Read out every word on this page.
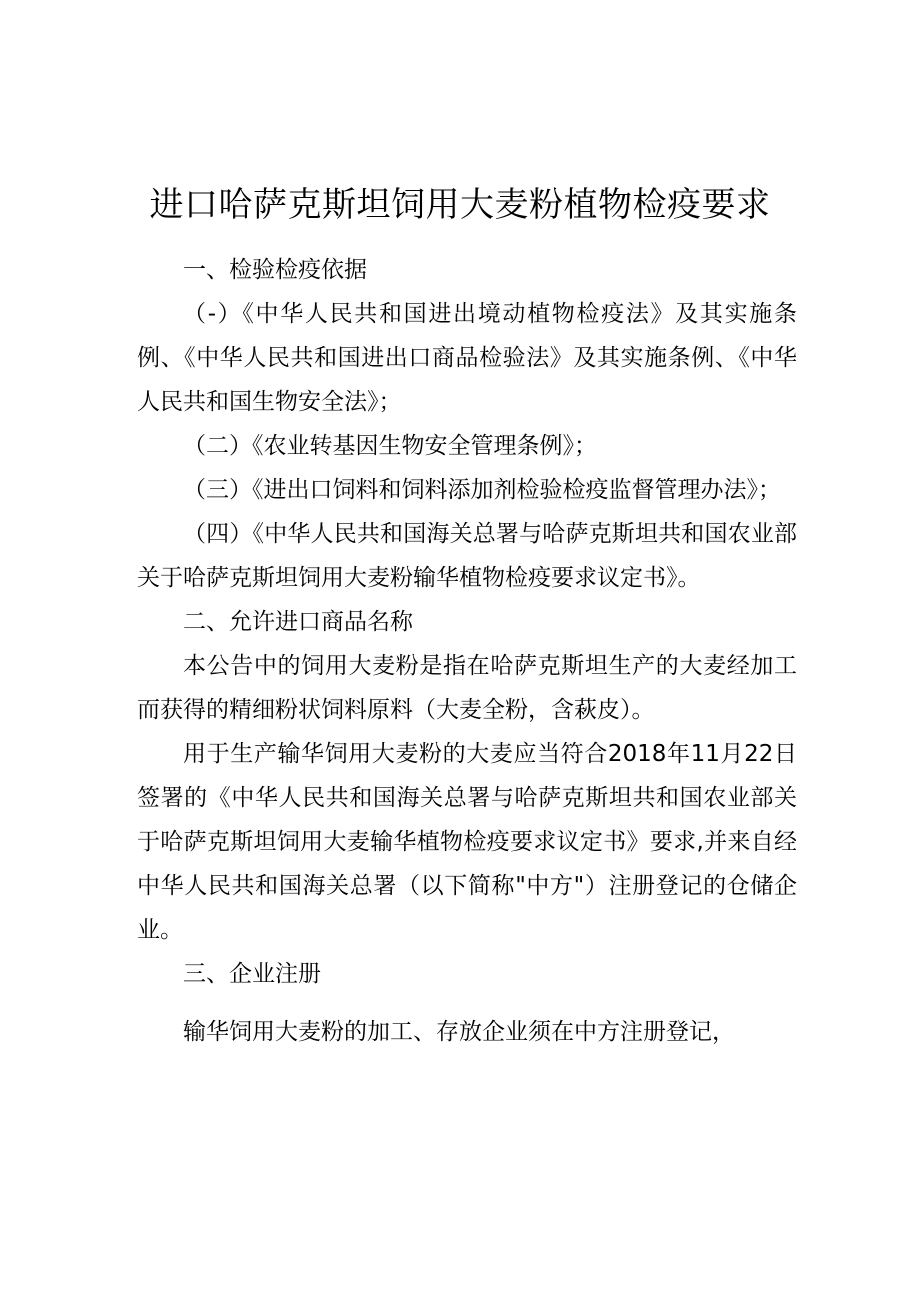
进口哈萨克斯坦饲用大麦粉植物检疫要求

一、检验检疫依据

（-）《中华人民共和国进出境动植物检疫法》及其实施条例、《中华人民共和国进出口商品检验法》及其实施条例、《中华人民共和国生物安全法》；

（二）《农业转基因生物安全管理条例》；

（三）《进出口饲料和饲料添加剂检验检疫监督管理办法》；

（四）《中华人民共和国海关总署与哈萨克斯坦共和国农业部关于哈萨克斯坦饲用大麦粉输华植物检疫要求议定书》。

二、允许进口商品名称

本公告中的饲用大麦粉是指在哈萨克斯坦生产的大麦经加工而获得的精细粉状饲料原料（大麦全粉，含萩皮）。

用于生产输华饲用大麦粉的大麦应当符合2018年11月22日签署的《中华人民共和国海关总署与哈萨克斯坦共和国农业部关于哈萨克斯坦饲用大麦输华植物检疫要求议定书》要求,并来自经中华人民共和国海关总署（以下简称"中方"）注册登记的仓储企业。

三、企业注册

输华饲用大麦粉的加工、存放企业须在中方注册登记，
